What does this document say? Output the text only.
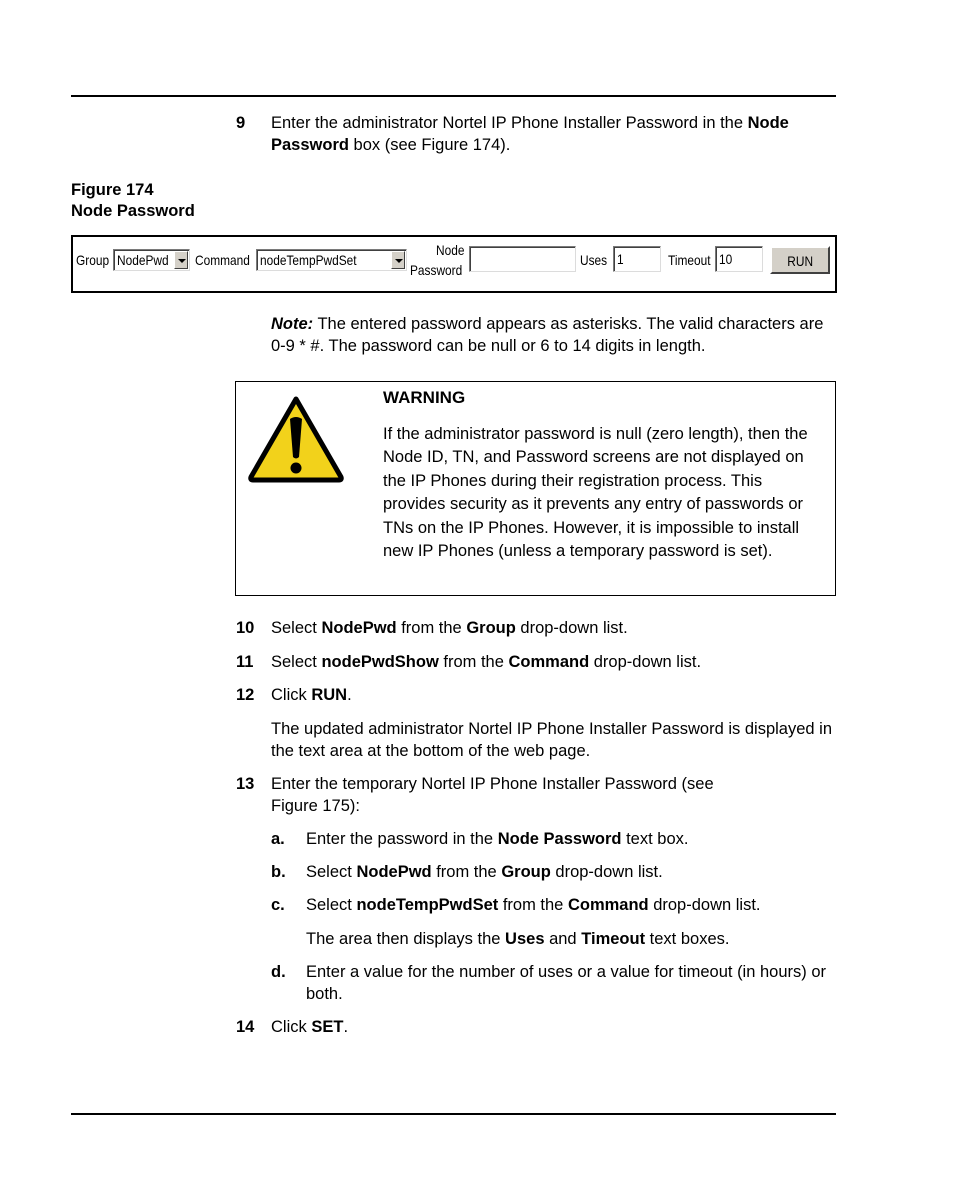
9 Enter the administrator Nortel IP Phone Installer Password in the Node Password box (see Figure 174).
Figure 174
Node Password
Group NodePwd Command nodeTempPwdSet
Node
Password
Uses 1	Timeout 10	RUN
Note: The entered password appears as asterisks. The valid characters are 0-9 * #. The password can be null or 6 to 14 digits in length.
WARNING
If the administrator password is null (zero length), then the Node ID, TN, and Password screens are not displayed on the IP Phones during their registration process. This provides security as it prevents any entry of passwords or TNs on the IP Phones. However, it is impossible to install new IP Phones (unless a temporary password is set).
10 Select NodePwd from the Group drop-down list.
11 Select nodePwdShow from the Command drop-down list.
12 Click RUN.
The updated administrator Nortel IP Phone Installer Password is displayed in the text area at the bottom of the web page.
13 Enter the temporary Nortel IP Phone Installer Password (see Figure 175):
a. Enter the password in the Node Password text box.
b. Select NodePwd from the Group drop-down list.
c. Select nodeTempPwdSet from the Command drop-down list.
The area then displays the Uses and Timeout text boxes.
d. Enter a value for the number of uses or a value for timeout (in hours) or both.
14 Click SET.
